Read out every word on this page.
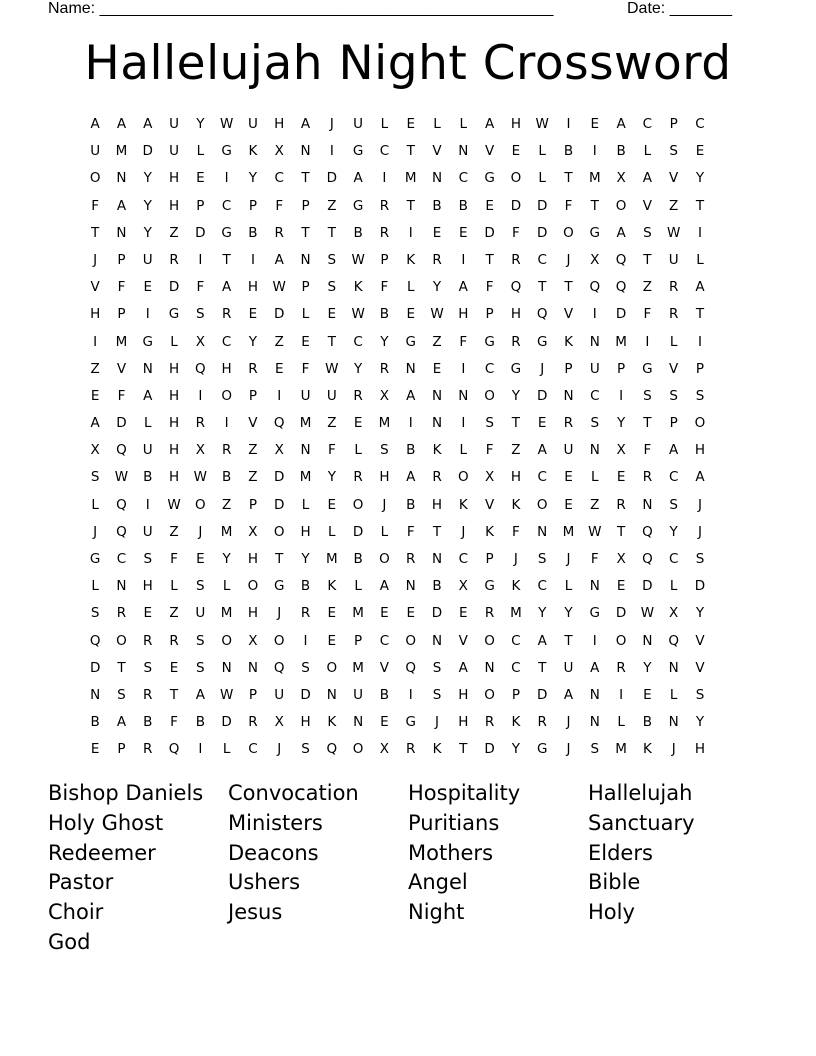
Name: ___________________________________________________	Date: _______
Hallelujah Night Crossword
A	A	A	U	Y	W	U	H	A	J	U	L	E	L	L	A	H	W	I	E	A	C	P	C
U	M	D	U	L	G	K	X	N	I	G	C	T	V	N	V	E	L	B	I	B	L	S	E
O	N	Y	H	E	I	Y	C	T	D	A	I	M	N	C	G	O	L	T	M	X	A	V	Y
F	A	Y	H	P	C	P	F	P	Z	G	R	T	B	B	E	D	D	F	T	O	V	Z	T
T	N	Y	Z	D	G	B	R	T	T	B	R	I	E	E	D	F	D	O	G	A	S	W	I
J	P	U	R	I	T	I	A	N	S	W	P	K	R	I	T	R	C	J	X	Q	T	U	L
V	F	E	D	F	A	H	W	P	S	K	F	L	Y	A	F	Q	T	T	Q	Q	Z	R	A
H	P	I	G	S	R	E	D	L	E	W	B	E	W	H	P	H	Q	V	I	D	F	R	T
I	M	G	L	X	C	Y	Z	E	T	C	Y	G	Z	F	G	R	G	K	N	M	I	L	I
Z	V	N	H	Q	H	R	E	F	W	Y	R	N	E	I	C	G	J	P	U	P	G	V	P
E	F	A	H	I	O	P	I	U	U	R	X	A	N	N	O	Y	D	N	C	I	S	S	S
A	D	L	H	R	I	V	Q	M	Z	E	M	I	N	I	S	T	E	R	S	Y	T	P	O
X	Q	U	H	X	R	Z	X	N	F	L	S	B	K	L	F	Z	A	U	N	X	F	A	H
S	W	B	H	W	B	Z	D	M	Y	R	H	A	R	O	X	H	C	E	L	E	R	C	A
L	Q	I	W	O	Z	P	D	L	E	O	J	B	H	K	V	K	O	E	Z	R	N	S	J
J	Q	U	Z	J	M	X	O	H	L	D	L	F	T	J	K	F	N	M	W	T	Q	Y	J
G	C	S	F	E	Y	H	T	Y	M	B	O	R	N	C	P	J	S	J	F	X	Q	C	S
L	N	H	L	S	L	O	G	B	K	L	A	N	B	X	G	K	C	L	N	E	D	L	D
S	R	E	Z	U	M	H	J	R	E	M	E	E	D	E	R	M	Y	Y	G	D	W	X	Y
Q	O	R	R	S	O	X	O	I	E	P	C	O	N	V	O	C	A	T	I	O	N	Q	V
D	T	S	E	S	N	N	Q	S	O	M	V	Q	S	A	N	C	T	U	A	R	Y	N	V
N	S	R	T	A	W	P	U	D	N	U	B	I	S	H	O	P	D	A	N	I	E	L	S
B	A	B	F	B	D	R	X	H	K	N	E	G	J	H	R	K	R	J	N	L	B	N	Y
E	P	R	Q	I	L	C	J	S	Q	O	X	R	K	T	D	Y	G	J	S	M	K	J	H
Bishop Daniels	Convocation	Hospitality	Hallelujah
Holy Ghost	Ministers	Puritians	Sanctuary
Redeemer	Deacons	Mothers	Elders
Pastor	Ushers	Angel	Bible
Choir	Jesus	Night	Holy
God
